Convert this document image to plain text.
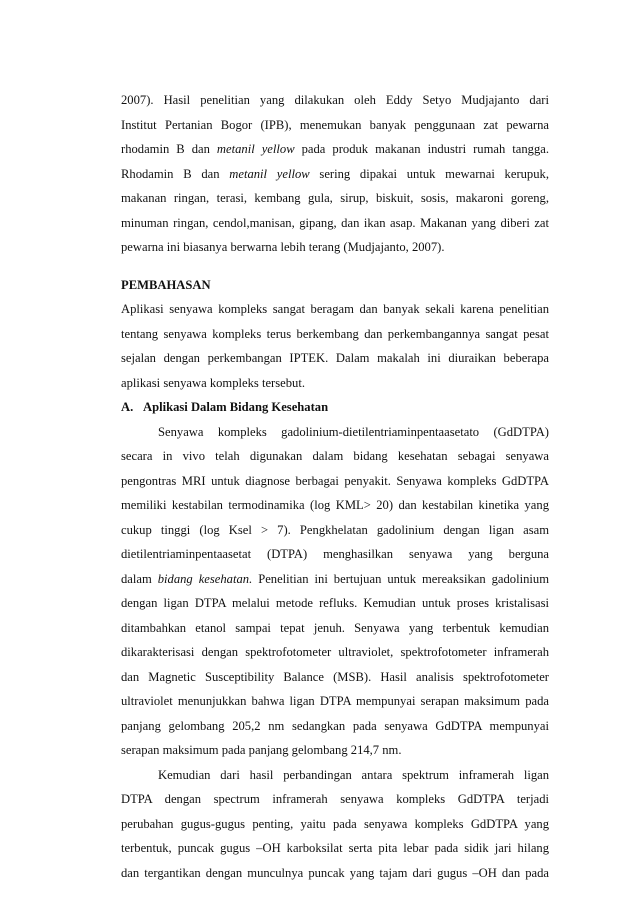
2007). Hasil penelitian yang dilakukan oleh Eddy Setyo Mudjajanto dari
Institut Pertanian Bogor (IPB), menemukan banyak penggunaan zat pewarna
rhodamin B dan metanil yellow pada produk makanan industri rumah tangga.
Rhodamin B dan metanil yellow sering dipakai untuk mewarnai kerupuk,
makanan ringan, terasi, kembang gula, sirup, biskuit, sosis, makaroni goreng,
minuman ringan, cendol,manisan, gipang, dan ikan asap. Makanan yang diberi zat
pewarna ini biasanya berwarna lebih terang (Mudjajanto, 2007).
PEMBAHASAN
Aplikasi senyawa kompleks sangat beragam dan banyak sekali karena penelitian
tentang senyawa kompleks terus berkembang dan perkembangannya sangat pesat
sejalan dengan perkembangan IPTEK. Dalam makalah ini diuraikan beberapa
aplikasi senyawa kompleks tersebut.
A. Aplikasi Dalam Bidang Kesehatan
Senyawa kompleks gadolinium-dietilentriaminpentaasetato (GdDTPA)
secara in vivo telah digunakan dalam bidang kesehatan sebagai senyawa
pengontras MRI untuk diagnose berbagai penyakit. Senyawa kompleks GdDTPA
memiliki kestabilan termodinamika (log KML> 20) dan kestabilan kinetika yang
cukup tinggi (log Ksel > 7). Pengkhelatan gadolinium dengan ligan asam
dietilentriaminpentaasetat (DTPA) menghasilkan senyawa yang berguna
dalam bidang kesehatan. Penelitian ini bertujuan untuk mereaksikan gadolinium
dengan ligan DTPA melalui metode refluks. Kemudian untuk proses kristalisasi
ditambahkan etanol sampai tepat jenuh. Senyawa yang terbentuk kemudian
dikarakterisasi dengan spektrofotometer ultraviolet, spektrofotometer inframerah
dan Magnetic Susceptibility Balance (MSB). Hasil analisis spektrofotometer
ultraviolet menunjukkan bahwa ligan DTPA mempunyai serapan maksimum pada
panjang gelombang 205,2 nm sedangkan pada senyawa GdDTPA mempunyai
serapan maksimum pada panjang gelombang 214,7 nm.
Kemudian dari hasil perbandingan antara spektrum inframerah ligan
DTPA dengan spectrum inframerah senyawa kompleks GdDTPA terjadi
perubahan gugus-gugus penting, yaitu pada senyawa kompleks GdDTPA yang
terbentuk, puncak gugus –OH karboksilat serta pita lebar pada sidik jari hilang
dan tergantikan dengan munculnya puncak yang tajam dari gugus –OH dan pada
